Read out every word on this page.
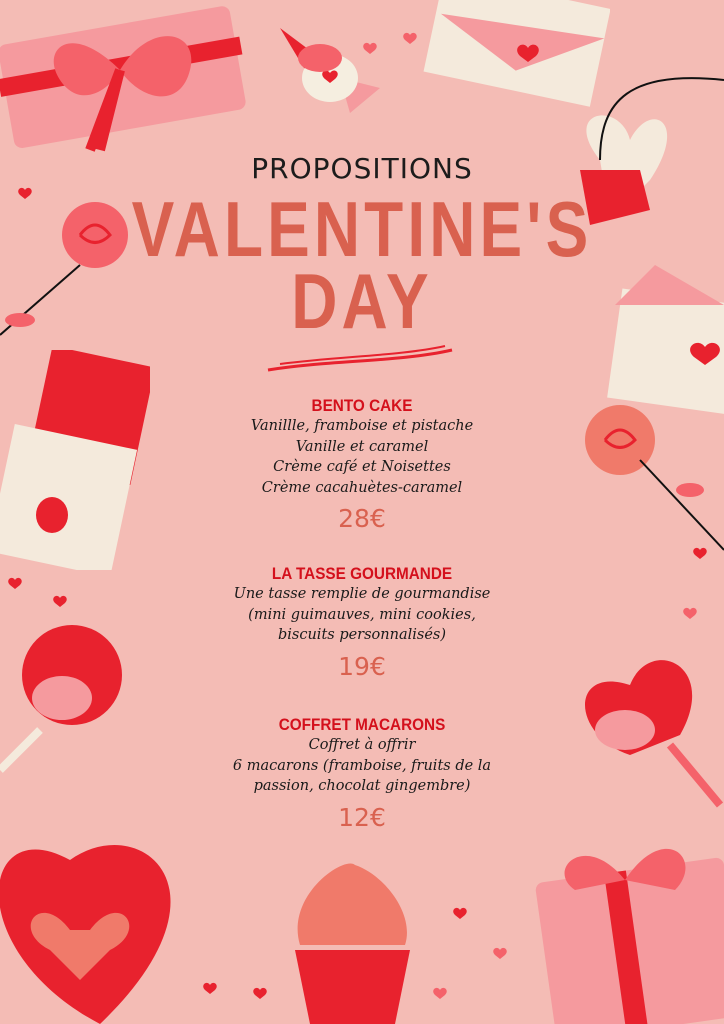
PROPOSITIONS
VALENTINE'S
DAY
BENTO CAKE
Vanillle, framboise et pistache
Vanille et caramel
Crème café et Noisettes
Crème cacahuètes-caramel
28€
LA TASSE GOURMANDE
Une tasse remplie de gourmandise
(mini guimauves, mini cookies,
biscuits personnalisés)
19€
COFFRET MACARONS
Coffret à offrir
6 macarons (framboise, fruits de la
passion, chocolat gingembre)
12€
